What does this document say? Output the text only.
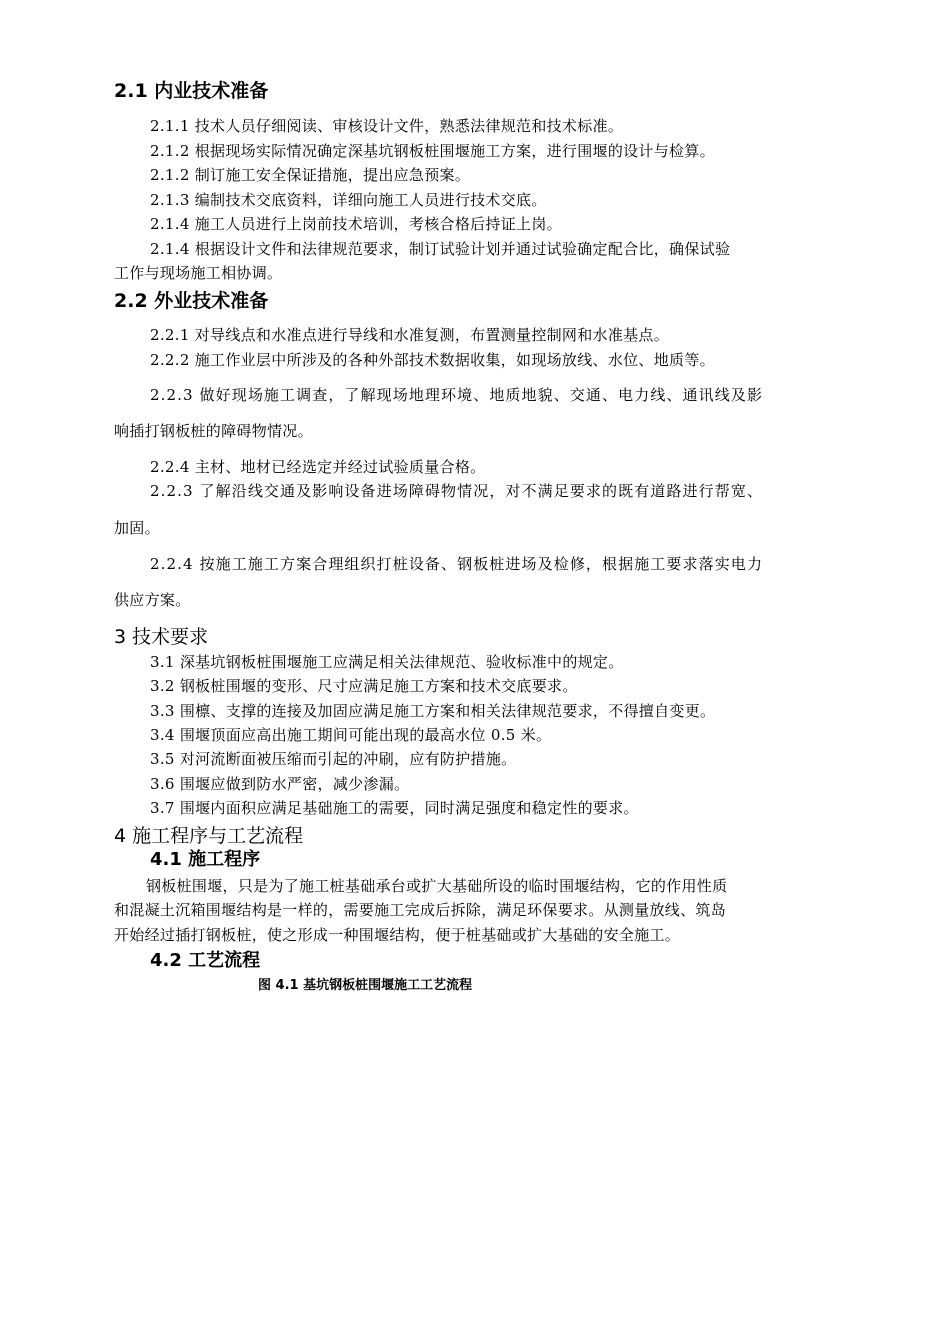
2.1 内业技术准备
2.1.1 技术人员仔细阅读、审核设计文件，熟悉法律规范和技术标准。
2.1.2 根据现场实际情况确定深基坑钢板桩围堰施工方案，进行围堰的设计与检算。
2.1.2 制订施工安全保证措施，提出应急预案。
2.1.3 编制技术交底资料，详细向施工人员进行技术交底。
2.1.4 施工人员进行上岗前技术培训，考核合格后持证上岗。
2.1.4 根据设计文件和法律规范要求，制订试验计划并通过试验确定配合比，确保试验
工作与现场施工相协调。
2.2 外业技术准备
2.2.1 对导线点和水准点进行导线和水准复测，布置测量控制网和水准基点。
2.2.2 施工作业层中所涉及的各种外部技术数据收集，如现场放线、水位、地质等。
2.2.3 做好现场施工调查，了解现场地理环境、地质地貌、交通、电力线、通讯线及影
响插打钢板桩的障碍物情况。
2.2.4 主材、地材已经选定并经过试验质量合格。
2.2.3 了解沿线交通及影响设备进场障碍物情况，对不满足要求的既有道路进行帮宽、
加固。
2.2.4 按施工施工方案合理组织打桩设备、钢板桩进场及检修，根据施工要求落实电力
供应方案。
3 技术要求
3.1 深基坑钢板桩围堰施工应满足相关法律规范、验收标准中的规定。
3.2 钢板桩围堰的变形、尺寸应满足施工方案和技术交底要求。
3.3 围檩、支撑的连接及加固应满足施工方案和相关法律规范要求，不得擅自变更。
3.4 围堰顶面应高出施工期间可能出现的最高水位 0.5 米。
3.5 对河流断面被压缩而引起的冲刷，应有防护措施。
3.6 围堰应做到防水严密，减少渗漏。
3.7 围堰内面积应满足基础施工的需要，同时满足强度和稳定性的要求。
4 施工程序与工艺流程
4.1 施工程序
钢板桩围堰，只是为了施工桩基础承台或扩大基础所设的临时围堰结构，它的作用性质
和混凝土沉箱围堰结构是一样的，需要施工完成后拆除，满足环保要求。从测量放线、筑岛
开始经过插打钢板桩，使之形成一种围堰结构，便于桩基础或扩大基础的安全施工。
4.2 工艺流程
图 4.1 基坑钢板桩围堰施工工艺流程
